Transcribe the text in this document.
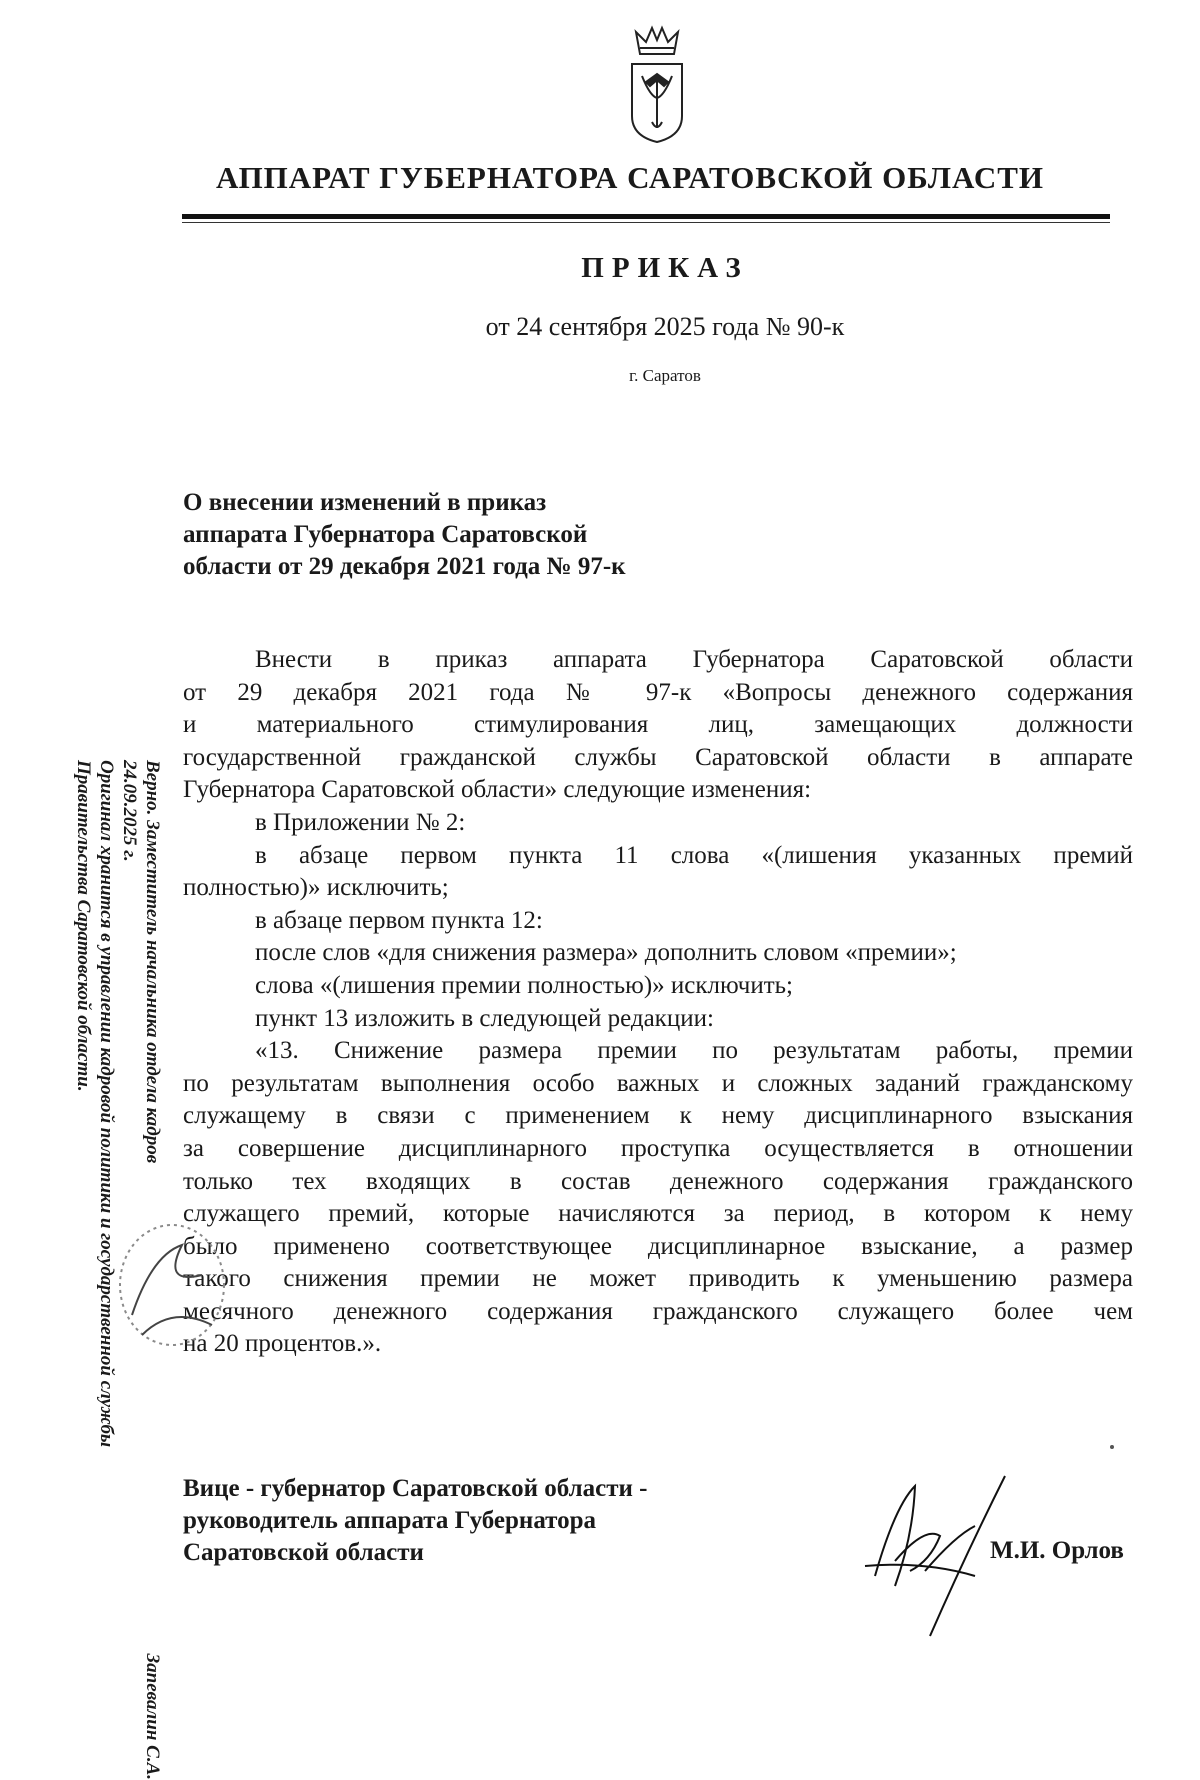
АППАРАТ ГУБЕРНАТОРА САРАТОВСКОЙ ОБЛАСТИ
ПРИКАЗ
от 24 сентября 2025 года № 90-к
г. Саратов
О внесении изменений в приказ
аппарата Губернатора Саратовской
области от 29 декабря 2021 года № 97-к
Внести в приказ аппарата Губернатора Саратовской области
от 29 декабря 2021 года № 97-к «Вопросы денежного содержания
и материального стимулирования лиц, замещающих должности
государственной гражданской службы Саратовской области в аппарате
Губернатора Саратовской области» следующие изменения:
в Приложении № 2:
в абзаце первом пункта 11 слова «(лишения указанных премий
полностью)» исключить;
в абзаце первом пункта 12:
после слов «для снижения размера» дополнить словом «премии»;
слова «(лишения премии полностью)» исключить;
пункт 13 изложить в следующей редакции:
«13. Снижение размера премии по результатам работы, премии
по результатам выполнения особо важных и сложных заданий гражданскому
служащему в связи с применением к нему дисциплинарного взыскания
за совершение дисциплинарного проступка осуществляется в отношении
только тех входящих в состав денежного содержания гражданского
служащего премий, которые начисляются за период, в котором к нему
было применено соответствующее дисциплинарное взыскание, а размер
такого снижения премии не может приводить к уменьшению размера
месячного денежного содержания гражданского служащего более чем
на 20 процентов.».
Вице - губернатор Саратовской области -
руководитель аппарата Губернатора
Саратовской области	М.И. Орлов
Верно. Заместитель начальника отдела кадров
Запевалин С.А.
24.09.2025 г.
Оригинал хранится в управлении кадровой политики и государственной службы
Правительства Саратовской области.
